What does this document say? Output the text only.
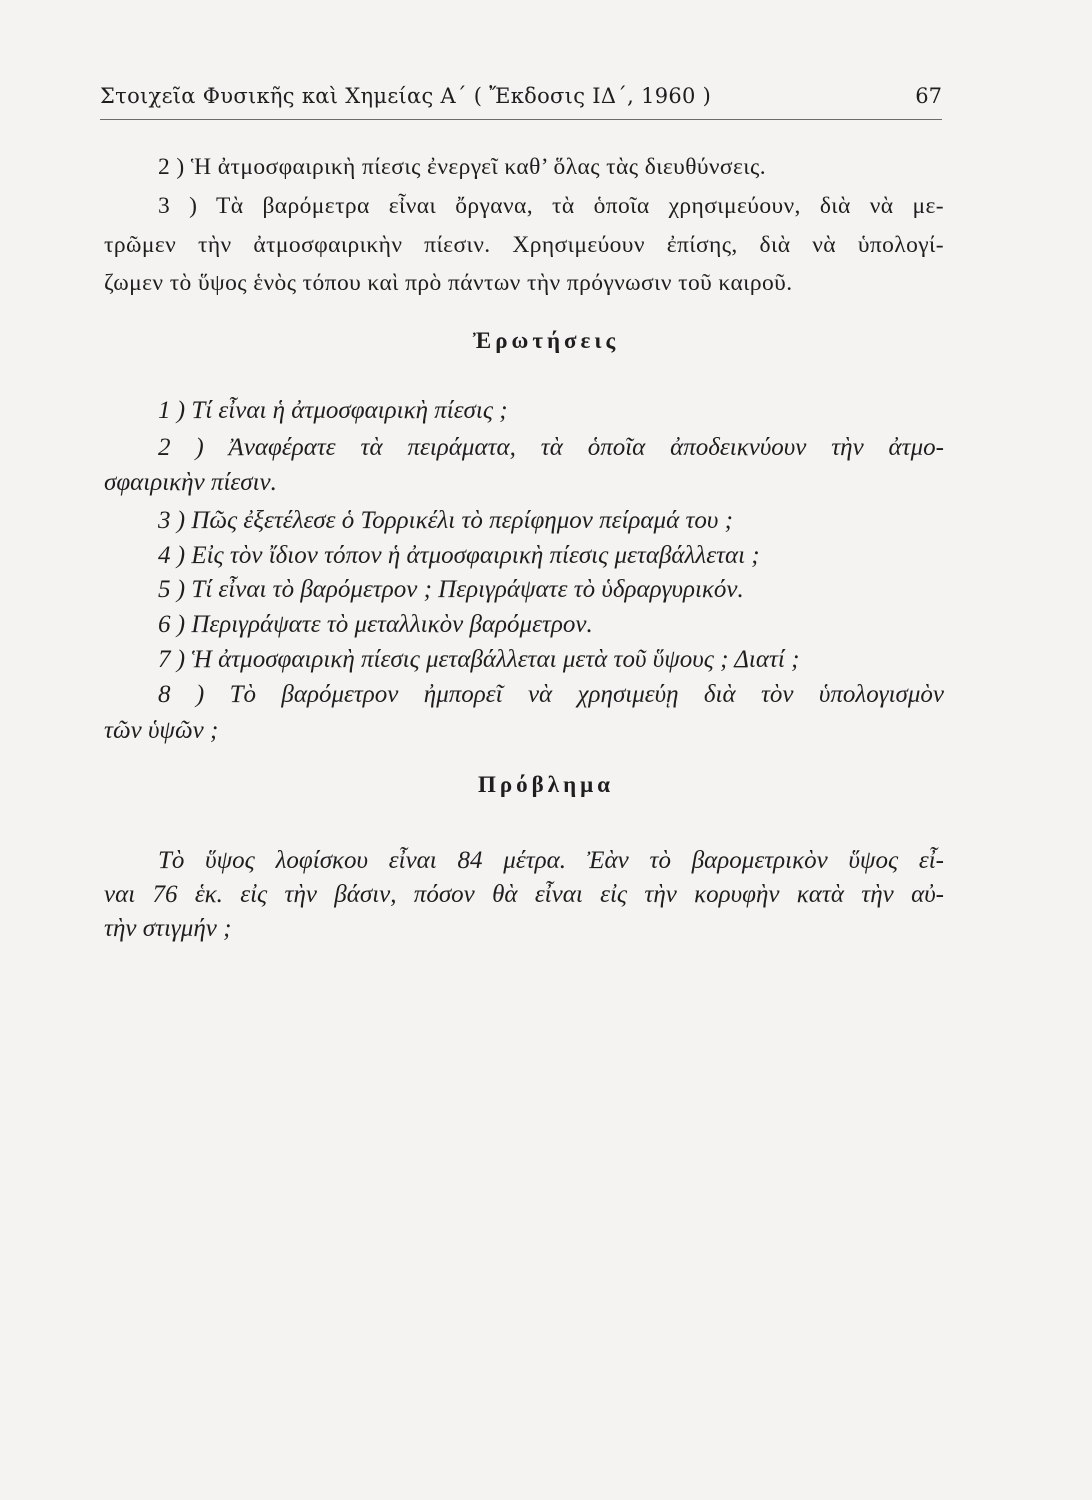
Στοιχεῖα Φυσικῆς καὶ Χημείας Α΄ ( Ἔκδοσις ΙΔ΄, 1960 )	67
2 ) Ἡ ἀτμοσφαιρικὴ πίεσις ἐνεργεῖ καθ’ ὅλας τὰς διευθύνσεις.
3 ) Τὰ βαρόμετρα εἶναι ὄργανα, τὰ ὁποῖα χρησιμεύουν, διὰ νὰ με-
τρῶμεν τὴν ἀτμοσφαιρικὴν πίεσιν. Χρησιμεύουν ἐπίσης, διὰ νὰ ὑπολογί-
ζωμεν τὸ ὕψος ἑνὸς τόπου καὶ πρὸ πάντων τὴν πρόγνωσιν τοῦ καιροῦ.
Ἐρωτήσεις
1 ) Τί εἶναι ἡ ἀτμοσφαιρικὴ πίεσις ;
2 ) Ἀναφέρατε τὰ πειράματα, τὰ ὁποῖα ἀποδεικνύουν τὴν ἀτμο-
σφαιρικὴν πίεσιν.
3 ) Πῶς ἐξετέλεσε ὁ Τορρικέλι τὸ περίφημον πείραμά του ;
4 ) Εἰς τὸν ἴδιον τόπον ἡ ἀτμοσφαιρικὴ πίεσις μεταβάλλεται ;
5 ) Τί εἶναι τὸ βαρόμετρον ; Περιγράψατε τὸ ὑδραργυρικόν.
6 ) Περιγράψατε τὸ μεταλλικὸν βαρόμετρον.
7 ) Ἡ ἀτμοσφαιρικὴ πίεσις μεταβάλλεται μετὰ τοῦ ὕψους ; Διατί ;
8 ) Τὸ βαρόμετρον ἠμπορεῖ νὰ χρησιμεύῃ διὰ τὸν ὑπολογισμὸν
τῶν ὑψῶν ;
Πρόβλημα
Τὸ ὕψος λοφίσκου εἶναι 84 μέτρα. Ἐὰν τὸ βαρομετρικὸν ὕψος εἶ-
ναι 76 ἑκ. εἰς τὴν βάσιν, πόσον θὰ εἶναι εἰς τὴν κορυφὴν κατὰ τὴν αὐ-
τὴν στιγμήν ;
